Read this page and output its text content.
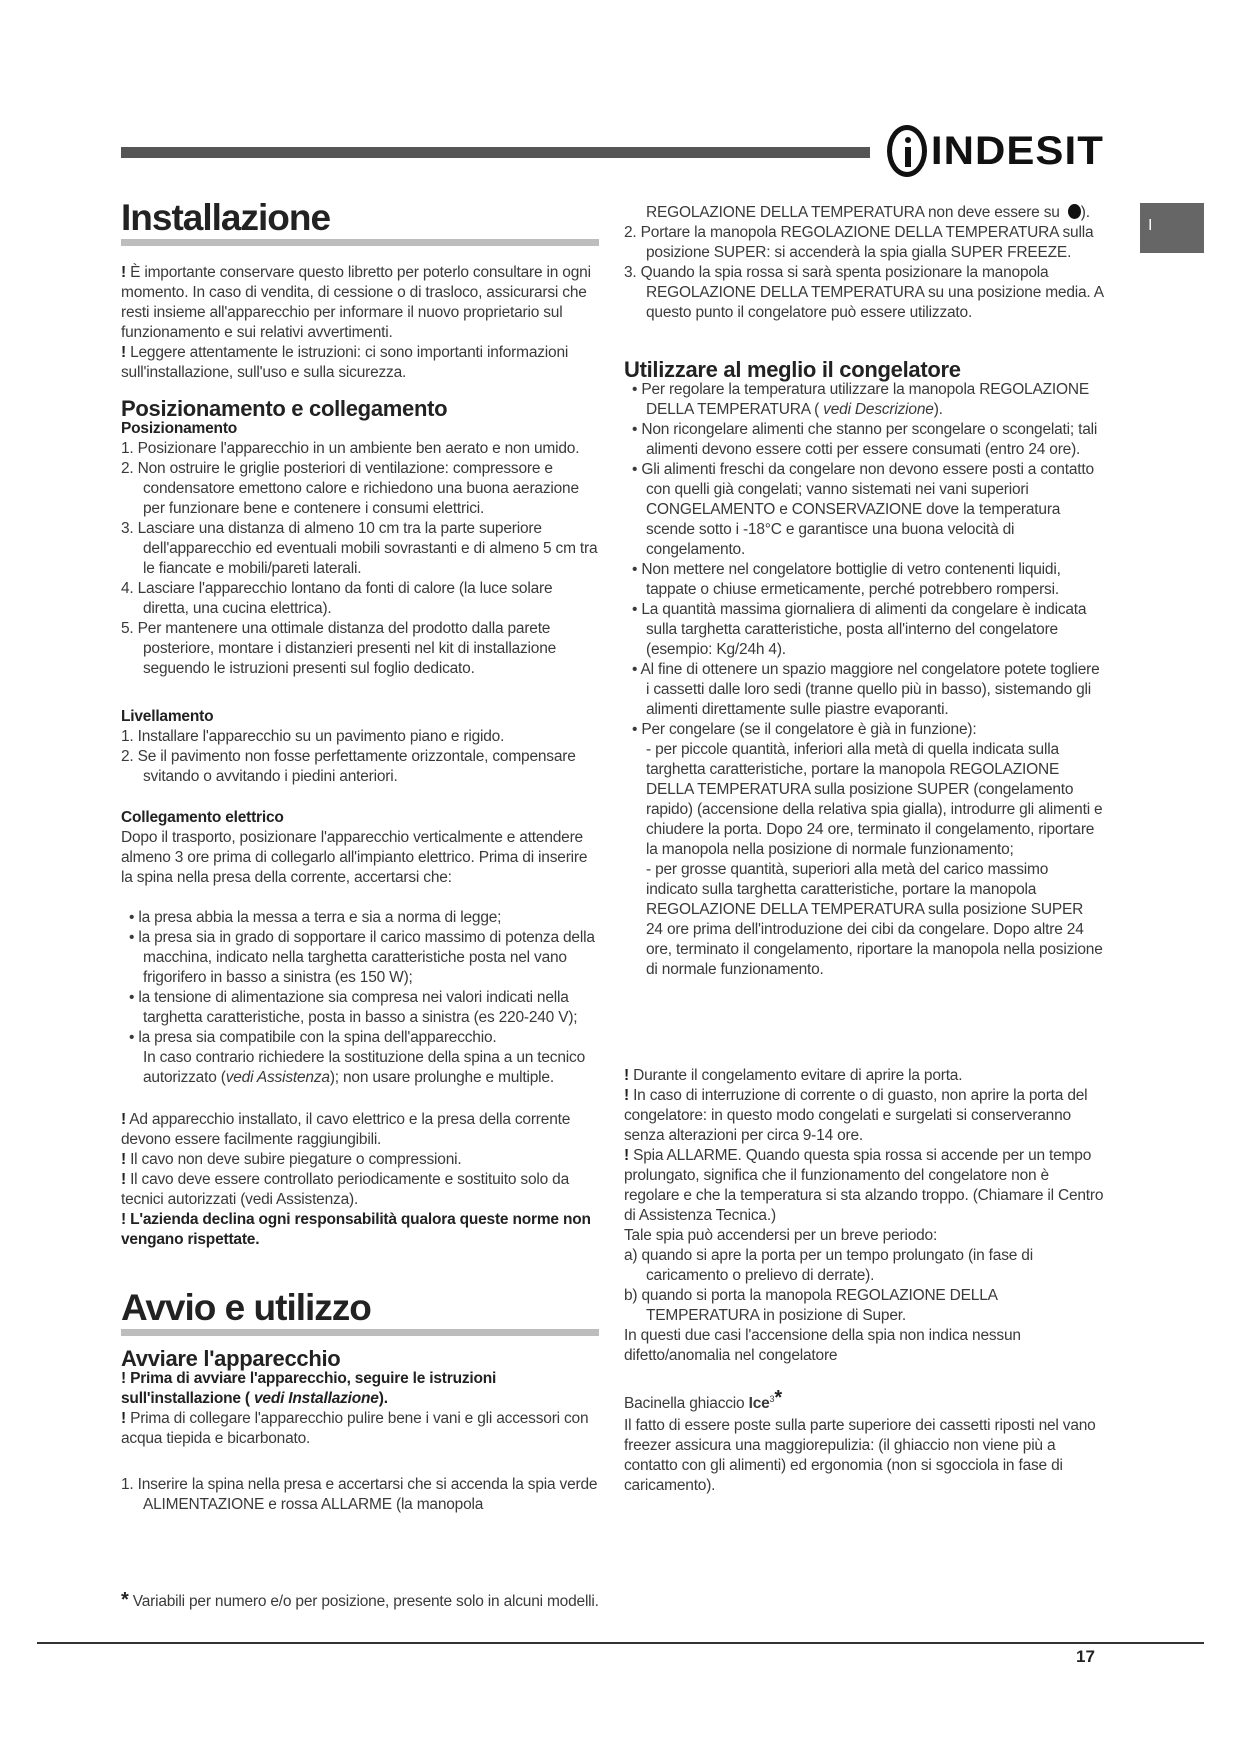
INDESIT
I
Installazione

! È importante conservare questo libretto per poterlo consultare in ogni momento. In caso di vendita, di cessione o di trasloco, assicurarsi che resti insieme all'apparecchio per informare il nuovo proprietario sul funzionamento e sui relativi avvertimenti.

! Leggere attentamente le istruzioni: ci sono importanti informazioni sull'installazione, sull'uso e sulla sicurezza.

Posizionamento e collegamento
Posizionamento

1. Posizionare l'apparecchio in un ambiente ben aerato e non umido.

2. Non ostruire le griglie posteriori di ventilazione: compressore e condensatore emettono calore e richiedono una buona aerazione per funzionare bene e contenere i consumi elettrici.

3. Lasciare una distanza di almeno 10 cm tra la parte superiore dell'apparecchio ed eventuali mobili sovrastanti e di almeno 5 cm tra le fiancate e mobili/pareti laterali.

4. Lasciare l'apparecchio lontano da fonti di calore (la luce solare diretta, una cucina elettrica).

5. Per mantenere una ottimale distanza del prodotto dalla parete posteriore, montare i distanzieri presenti nel kit di installazione seguendo le istruzioni presenti sul foglio dedicato.

Livellamento

1. Installare l'apparecchio su un pavimento piano e rigido.

2. Se il pavimento non fosse perfettamente orizzontale, compensare svitando o avvitando i piedini anteriori.

Collegamento elettrico

Dopo il trasporto, posizionare l'apparecchio verticalmente e attendere almeno 3 ore prima di collegarlo all'impianto elettrico. Prima di inserire la spina nella presa della corrente, accertarsi che:

• la presa abbia la messa a terra e sia a norma di legge;

• la presa sia in grado di sopportare il carico massimo di potenza della macchina, indicato nella targhetta caratteristiche posta nel vano frigorifero in basso a sinistra (es 150 W);

• la tensione di alimentazione sia compresa nei valori indicati nella targhetta caratteristiche, posta in basso a sinistra (es 220-240 V);

• la presa sia compatibile con la spina dell'apparecchio.

In caso contrario richiedere la sostituzione della spina a un tecnico autorizzato (vedi Assistenza); non usare prolunghe e multiple.

! Ad apparecchio installato, il cavo elettrico e la presa della corrente devono essere facilmente raggiungibili.

! Il cavo non deve subire piegature o compressioni.

! Il cavo deve essere controllato periodicamente e sostituito solo da tecnici autorizzati (vedi Assistenza).

! L'azienda declina ogni responsabilità qualora queste norme non vengano rispettate.

Avvio e utilizzo
Avviare l'apparecchio

! Prima di avviare l'apparecchio, seguire le istruzioni sull'installazione ( vedi Installazione).

! Prima di collegare l'apparecchio pulire bene i vani e gli accessori con acqua tiepida e bicarbonato.

1. Inserire la spina nella presa e accertarsi che si accenda la spia verde ALIMENTAZIONE e rossa ALLARME (la manopola

* Variabili per numero e/o per posizione, presente solo in alcuni modelli.

REGOLAZIONE DELLA TEMPERATURA non deve essere su ).

2. Portare la manopola REGOLAZIONE DELLA TEMPERATURA sulla posizione SUPER: si accenderà la spia gialla SUPER FREEZE.

3. Quando la spia rossa si sarà spenta posizionare la manopola REGOLAZIONE DELLA TEMPERATURA su una posizione media. A questo punto il congelatore può essere utilizzato.

Utilizzare al meglio il congelatore

• Per regolare la temperatura utilizzare la manopola REGOLAZIONE DELLA TEMPERATURA ( vedi Descrizione).

• Non ricongelare alimenti che stanno per scongelare o scongelati; tali alimenti devono essere cotti per essere consumati (entro 24 ore).

• Gli alimenti freschi da congelare non devono essere posti a contatto con quelli già congelati; vanno sistemati nei vani superiori CONGELAMENTO e CONSERVAZIONE dove la temperatura scende sotto i -18°C e garantisce una buona velocità di congelamento.

• Non mettere nel congelatore bottiglie di vetro contenenti liquidi, tappate o chiuse ermeticamente, perché potrebbero rompersi.

• La quantità massima giornaliera di alimenti da congelare è indicata sulla targhetta caratteristiche, posta all'interno del congelatore (esempio: Kg/24h 4).

• Al fine di ottenere un spazio maggiore nel congelatore potete togliere i cassetti dalle loro sedi (tranne quello più in basso), sistemando gli alimenti direttamente sulle piastre evaporanti.

• Per congelare (se il congelatore è già in funzione):

- per piccole quantità, inferiori alla metà di quella indicata sulla targhetta caratteristiche, portare la manopola REGOLAZIONE DELLA TEMPERATURA sulla posizione SUPER (congelamento rapido) (accensione della relativa spia gialla), introdurre gli alimenti e chiudere la porta. Dopo 24 ore, terminato il congelamento, riportare la manopola nella posizione di normale funzionamento;

- per grosse quantità, superiori alla metà del carico massimo indicato sulla targhetta caratteristiche, portare la manopola REGOLAZIONE DELLA TEMPERATURA sulla posizione SUPER 24 ore prima dell'introduzione dei cibi da congelare. Dopo altre 24 ore, terminato il congelamento, riportare la manopola nella posizione di normale funzionamento.

! Durante il congelamento evitare di aprire la porta.

! In caso di interruzione di corrente o di guasto, non aprire la porta del congelatore: in questo modo congelati e surgelati si conserveranno senza alterazioni per circa 9-14 ore.

! Spia ALLARME. Quando questa spia rossa si accende per un tempo prolungato, significa che il funzionamento del congelatore non è regolare e che la temperatura si sta alzando troppo. (Chiamare il Centro di Assistenza Tecnica.)

Tale spia può accendersi per un breve periodo:

a) quando si apre la porta per un tempo prolungato (in fase di caricamento o prelievo di derrate).

b) quando si porta la manopola REGOLAZIONE DELLA TEMPERATURA in posizione di Super.

In questi due casi l'accensione della spia non indica nessun difetto/anomalia nel congelatore

Bacinella ghiaccio Ice$^3$*

Il fatto di essere poste sulla parte superiore dei cassetti riposti nel vano freezer assicura una maggiorepulizia: (il ghiaccio non viene più a contatto con gli alimenti) ed ergonomia (non si sgocciola in fase di caricamento).

17
